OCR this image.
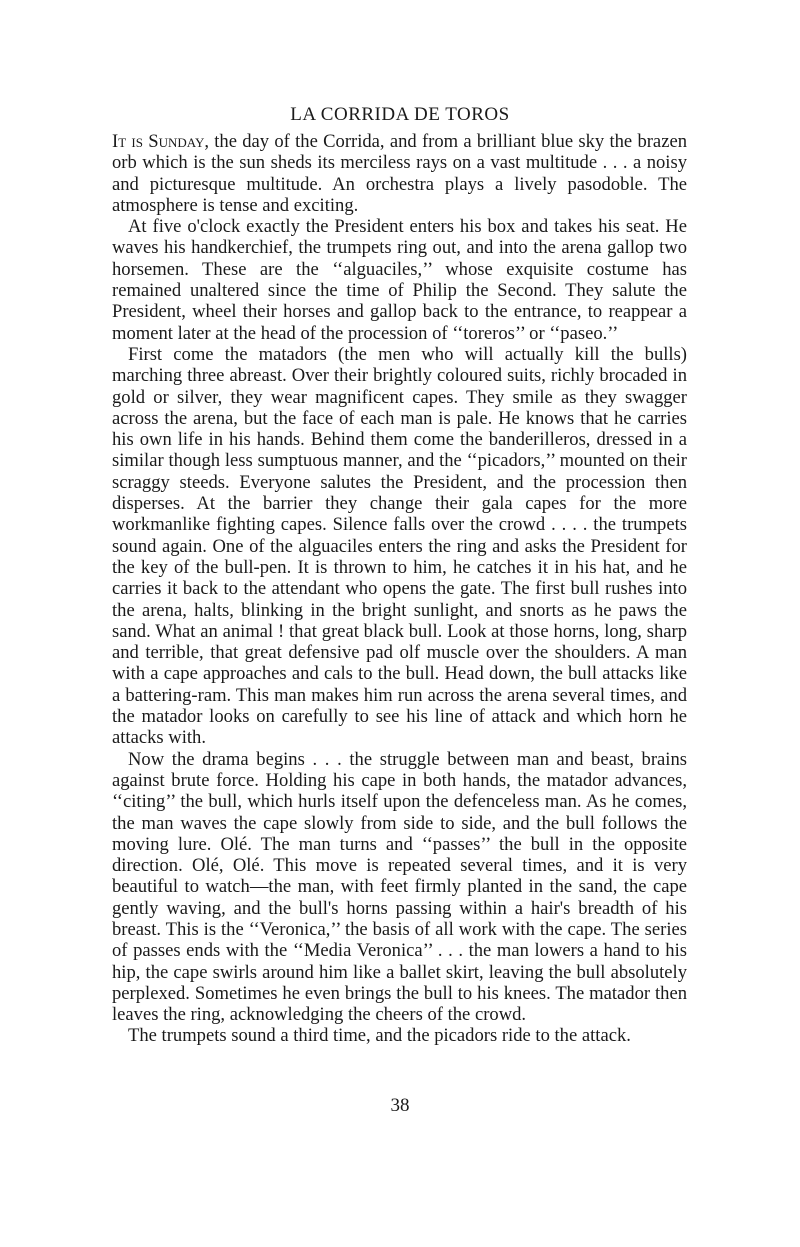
LA CORRIDA DE TOROS

It is Sunday, the day of the Corrida, and from a brilliant blue sky the brazen orb which is the sun sheds its merciless rays on a vast multitude . . . a noisy and picturesque multitude. An orchestra plays a lively pasodoble. The atmosphere is tense and exciting.

At five o'clock exactly the President enters his box and takes his seat. He waves his handkerchief, the trumpets ring out, and into the arena gallop two horsemen. These are the ‘‘alguaciles,’’ whose exquisite costume has remained unaltered since the time of Philip the Second. They salute the President, wheel their horses and gallop back to the entrance, to reappear a moment later at the head of the procession of ‘‘toreros’’ or ‘‘paseo.’’

First come the matadors (the men who will actually kill the bulls) marching three abreast. Over their brightly coloured suits, richly brocaded in gold or silver, they wear magnificent capes. They smile as they swagger across the arena, but the face of each man is pale. He knows that he carries his own life in his hands. Behind them come the banderilleros, dressed in a similar though less sumptuous manner, and the ‘‘picadors,’’ mounted on their scraggy steeds. Everyone salutes the President, and the procession then disperses. At the barrier they change their gala capes for the more workmanlike fighting capes. Silence falls over the crowd . . . . the trumpets sound again. One of the alguaciles enters the ring and asks the President for the key of the bull-pen. It is thrown to him, he catches it in his hat, and he carries it back to the attendant who opens the gate. The first bull rushes into the arena, halts, blinking in the bright sunlight, and snorts as he paws the sand. What an animal ! that great black bull. Look at those horns, long, sharp and terrible, that great defensive pad olf muscle over the shoulders. A man with a cape approaches and cals to the bull. Head down, the bull attacks like a battering-ram. This man makes him run across the arena several times, and the matador looks on carefully to see his line of attack and which horn he attacks with.

Now the drama begins . . . the struggle between man and beast, brains against brute force. Holding his cape in both hands, the matador advances, ‘‘citing’’ the bull, which hurls itself upon the defenceless man. As he comes, the man waves the cape slowly from side to side, and the bull follows the moving lure. Olé. The man turns and ‘‘passes’’ the bull in the opposite direction. Olé, Olé. This move is repeated several times, and it is very beautiful to watch—the man, with feet firmly planted in the sand, the cape gently waving, and the bull's horns passing within a hair's breadth of his breast. This is the ‘‘Veronica,’’ the basis of all work with the cape. The series of passes ends with the ‘‘Media Veronica’’ . . . the man lowers a hand to his hip, the cape swirls around him like a ballet skirt, leaving the bull absolutely perplexed. Sometimes he even brings the bull to his knees. The matador then leaves the ring, acknowledging the cheers of the crowd.

The trumpets sound a third time, and the picadors ride to the attack.

38
